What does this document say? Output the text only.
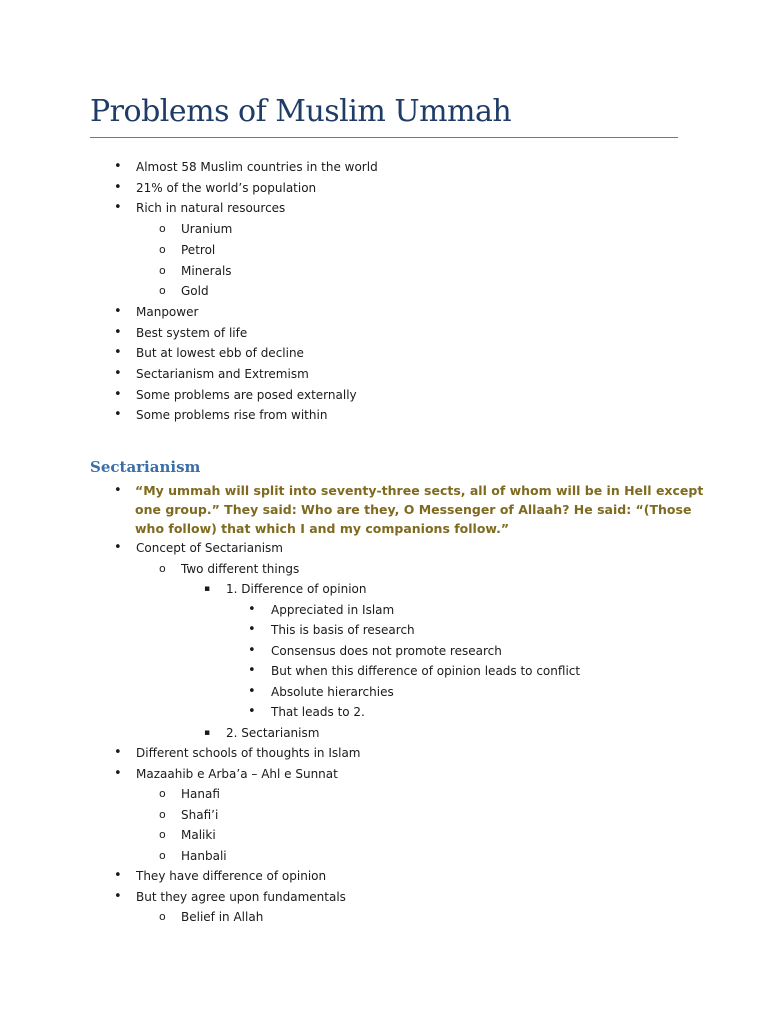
Problems of Muslim Ummah
• Almost 58 Muslim countries in the world
• 21% of the world’s population
• Rich in natural resources
o Uranium
o Petrol
o Minerals
o Gold
• Manpower
• Best system of life
• But at lowest ebb of decline
• Sectarianism and Extremism
• Some problems are posed externally
• Some problems rise from within
Sectarianism
• “My ummah will split into seventy-three sects, all of whom will be in Hell except
one group.” They said: Who are they, O Messenger of Allaah? He said: “(Those
who follow) that which I and my companions follow.”
• Concept of Sectarianism
o Two different things
▪ 1. Difference of opinion
• Appreciated in Islam
• This is basis of research
• Consensus does not promote research
• But when this difference of opinion leads to conflict
• Absolute hierarchies
• That leads to 2.
▪ 2. Sectarianism
• Different schools of thoughts in Islam
• Mazaahib e Arba’a – Ahl e Sunnat
o Hanafi
o Shafi’i
o Maliki
o Hanbali
• They have difference of opinion
• But they agree upon fundamentals
o Belief in Allah
